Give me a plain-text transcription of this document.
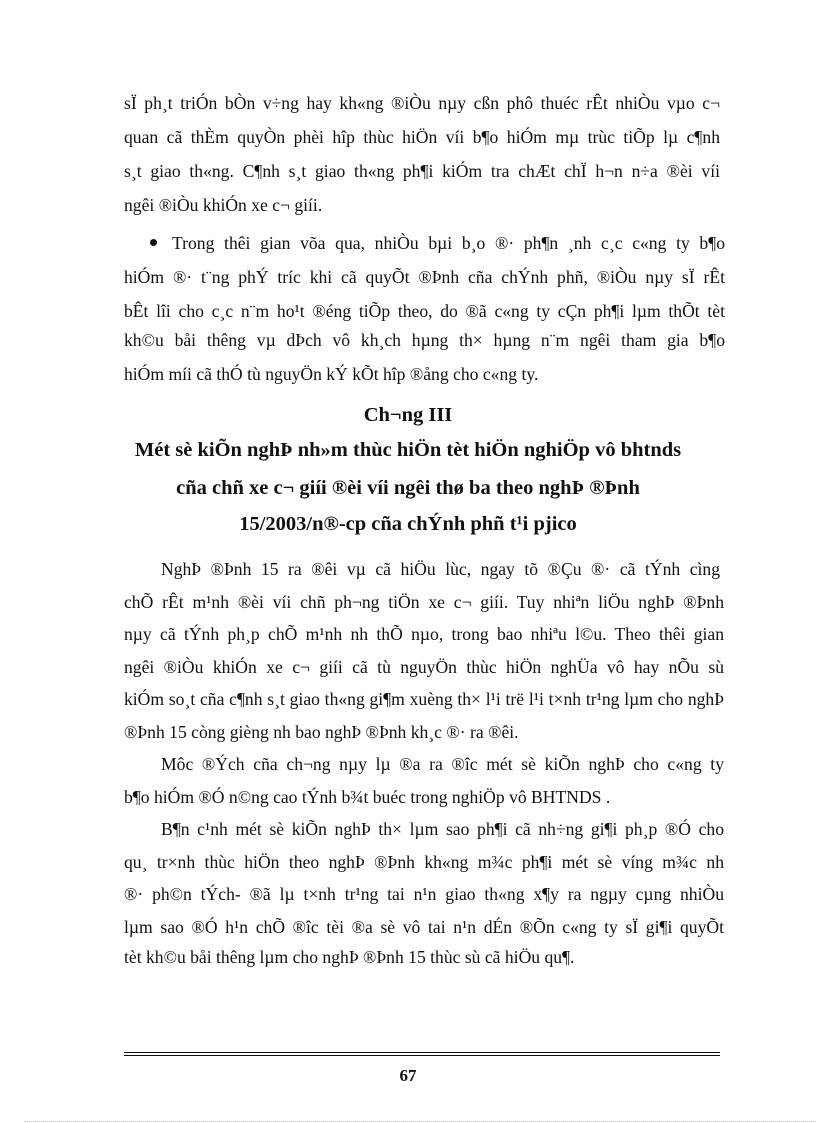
sÏ ph¸t triÓn bÒn v÷ng hay kh«ng ®iÒu nµy cßn phô thuéc rÊt nhiÒu vµo c¬
quan cã thÈm quyÒn phèi hîp thùc hiÖn víi b¶o hiÓm mµ trùc tiÕp lµ c¶nh
s¸t giao th«ng. C¶nh s¸t giao th«ng ph¶i kiÓm tra chÆt chÏ h¬n n÷a ®èi víi
ngêi ®iÒu khiÓn xe c¬ giíi.
Trong thêi gian võa qua, nhiÒu bµi b¸o ®· ph¶n ¸nh c¸c c«ng ty b¶o
hiÓm ®· t¨ng phÝ tríc khi cã quyÕt ®Þnh cña chÝnh phñ, ®iÒu nµy sÏ rÊt
bÊt lîi cho c¸c n¨m ho¹t ®éng tiÕp theo, do ®ã c«ng ty cÇn ph¶i lµm thÕt tèt
kh©u båi thêng vµ dÞch vô kh¸ch hµng th× hµng n¨m ngêi tham gia b¶o
hiÓm míi cã thÓ tù nguyÖn kÝ kÕt hîp ®ång cho c«ng ty.
Ch¬ng III
Mét sè kiÕn nghÞ nh»m thùc hiÖn tèt hiÖn nghiÖp vô bhtnds
cña chñ xe c¬ giíi ®èi víi ngêi thø ba theo nghÞ ®Þnh
15/2003/n®-cp cña chÝnh phñ t¹i pjico
NghÞ ®Þnh 15 ra ®êi vµ cã hiÖu lùc, ngay tõ ®Çu ®· cã tÝnh cìng
chÕ rÊt m¹nh ®èi víi chñ ph¬ng tiÖn xe c¬ giíi. Tuy nhiªn liÖu nghÞ ®Þnh
nµy cã tÝnh ph¸p chÕ m¹nh nh thÕ nµo, trong bao nhiªu l©u. Theo thêi gian
ngêi ®iÒu khiÓn xe c¬ giíi cã tù nguyÖn thùc hiÖn nghÜa vô hay nÕu sù
kiÓm so¸t cña c¶nh s¸t giao th«ng gi¶m xuèng th× l¹i trë l¹i t×nh tr¹ng lµm cho nghÞ
®Þnh 15 còng gièng nh bao nghÞ ®Þnh kh¸c ®· ra ®êi.
Môc ®Ých cña ch¬ng nµy lµ ®a ra ®îc mét sè kiÕn nghÞ cho c«ng ty
b¶o hiÓm ®Ó n©ng cao tÝnh b¾t buéc trong nghiÖp vô BHTNDS .
B¶n c¹nh mét sè kiÕn nghÞ th× lµm sao ph¶i cã nh÷ng gi¶i ph¸p ®Ó cho
qu¸ tr×nh thùc hiÖn theo nghÞ ®Þnh kh«ng m¾c ph¶i mét sè víng m¾c nh
®· ph©n tÝch- ®ã lµ t×nh tr¹ng tai n¹n giao th«ng x¶y ra ngµy cµng nhiÒu
lµm sao ®Ó h¹n chÕ ®îc tèi ®a sè vô tai n¹n dÉn ®Õn c«ng ty sÏ gi¶i quyÕt
tèt kh©u båi thêng lµm cho nghÞ ®Þnh 15 thùc sù cã hiÖu qu¶.
67
